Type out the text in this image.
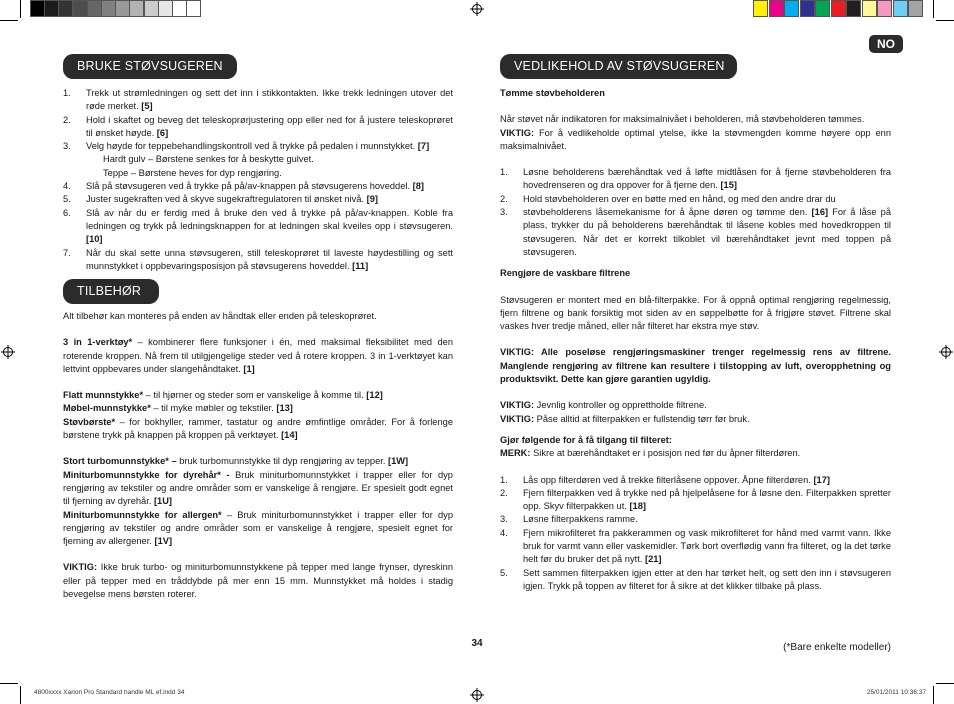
NO
BRUKE STØVSUGEREN
1. Trekk ut strømledningen og sett det inn i stikkontakten. Ikke trekk ledningen utover det røde merket. [5]
2. Hold i skaftet og beveg det teleskoprørjustering opp eller ned for å justere teleskoprøret til ønsket høyde. [6]
3. Velg høyde for teppebehandlingskontroll ved å trykke på pedalen i munnstykket. [7]

Hardt gulv – Børstene senkes for å beskytte gulvet.

Teppe – Børstene heves for dyp rengjøring.

4. Slå på støvsugeren ved å trykke på på/av-knappen på støvsugerens hoveddel. [8]
5. Juster sugekraften ved å skyve sugekraftregulatoren til ønsket nivå. [9]
6. Slå av når du er ferdig med å bruke den ved å trykke på på/av-knappen. Koble fra ledningen og trykk på ledningsknappen for at ledningen skal kveiles opp i støvsugeren. [10]
7. Når du skal sette unna støvsugeren, still teleskoprøret til laveste høydestilling og sett munnstykket i oppbevaringsposisjon på støvsugerens hoveddel. [11]
TILBEHØR

Alt tilbehør kan monteres på enden av håndtak eller enden på teleskoprøret.

3 in 1-verktøy* – kombinerer flere funksjoner i én, med maksimal fleksibilitet med den roterende kroppen. Nå frem til utilgjengelige steder ved å rotere kroppen. 3 in 1-verktøyet kan lettvint oppbevares under slangehåndtaket. [1]

Flatt munnstykke* – til hjørner og steder som er vanskelige å komme til. [12]

Møbel-munnstykke* – til myke møbler og tekstiler. [13]

Støvbørste* – for bokhyller, rammer, tastatur og andre ømfintlige områder. For å forlenge børstene trykk på knappen på kroppen på verktøyet. [14]

Stort turbomunnstykke* – bruk turbomunnstykke til dyp rengjøring av tepper. [1W]

Miniturbomunnstykke for dyrehår* - Bruk miniturbomunnstykket i trapper eller for dyp rengjøring av tekstiler og andre områder som er vanskelige å rengjøre. Er spesielt godt egnet til fjerning av dyrehår. [1U]

Miniturbomunnstykke for allergen* – Bruk miniturbomunnstykket i trapper eller for dyp rengjøring av tekstiler og andre områder som er vanskelige å rengjøre, spesielt egnet for fjerning av allergener. [1V]

VIKTIG: Ikke bruk turbo- og miniturbomunnstykkene på tepper med lange frynser, dyreskinn eller på tepper med en tråddybde på mer enn 15 mm. Munnstykket må holdes i stadig bevegelse mens børsten roterer.

VEDLIKEHOLD AV STØVSUGEREN

Tømme støvbeholderen

Når støvet når indikatoren for maksimalnivået i beholderen, må støvbeholderen tømmes.

VIKTIG: For å vedlikeholde optimal ytelse, ikke la støvmengden komme høyere opp enn maksimalnivået.

1. Løsne beholderens bærehåndtak ved å løfte midtlåsen for å fjerne støvbeholderen fra hovedrenseren og dra oppover for å fjerne den. [15]
2. Hold støvbeholderen over en bøtte med en hånd, og med den andre drar du
3. støvbeholderens låsemekanisme for å åpne døren og tømme den. [16] For å låse på plass, trykker du på beholderens bærehåndtak til låsene kobles med hovedkroppen til støvsugeren. Når det er korrekt tilkoblet vil bærehåndtaket jevnt med toppen på støvsugeren.

Rengjøre de vaskbare filtrene

Støvsugeren er montert med en blå-filterpakke. For å oppnå optimal rengjøring regelmessig, fjern filtrene og bank forsiktig mot siden av en søppelbøtte for å frigjøre støvet. Filtrene skal vaskes hver tredje måned, eller når filteret har ekstra mye støv.

VIKTIG: Alle poseløse rengjøringsmaskiner trenger regelmessig rens av filtrene. Manglende rengjøring av filtrene kan resultere i tilstopping av luft, overopphetning og produktsvikt. Dette kan gjøre garantien ugyldig.

VIKTIG: Jevnlig kontroller og opprettholde filtrene.

VIKTIG: Påse alltid at filterpakken er fullstendig tørr før bruk.

Gjør følgende for å få tilgang til filteret:

MERK: Sikre at bærehåndtaket er i posisjon ned før du åpner filterdøren.

1. Lås opp filterdøren ved å trekke filterlåsene oppover. Åpne filterdøren. [17]
2. Fjern filterpakken ved å trykke ned på hjelpelåsene for å løsne den. Filterpakken spretter opp. Skyv filterpakken ut. [18]
3. Løsne filterpakkens ramme.
4. Fjern mikrofilteret fra pakkerammen og vask mikrofilteret for hånd med varmt vann. Ikke bruk for varmt vann eller vaskemidler. Tørk bort overflødig vann fra filteret, og la det tørke helt før du bruker det på nytt. [21]
5. Sett sammen filterpakken igjen etter at den har tørket helt, og sett den inn i støvsugeren igjen. Trykk på toppen av filteret for å sikre at det klikker tilbake på plass.
34	(*Bare enkelte modeller)
4800xxxx Xarion Pro Standard handle ML ef.indd 34	25/01/2011 10:36:37
